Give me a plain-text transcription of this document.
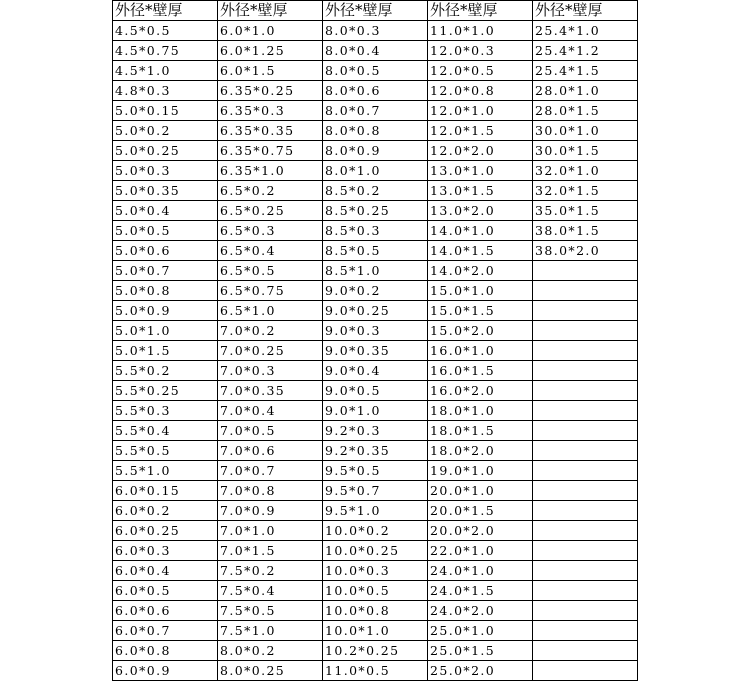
外径*壁厚	外径*壁厚	外径*壁厚	外径*壁厚	外径*壁厚
4.5*0.5	6.0*1.0	8.0*0.3	11.0*1.0	25.4*1.0
4.5*0.75	6.0*1.25	8.0*0.4	12.0*0.3	25.4*1.2
4.5*1.0	6.0*1.5	8.0*0.5	12.0*0.5	25.4*1.5
4.8*0.3	6.35*0.25	8.0*0.6	12.0*0.8	28.0*1.0
5.0*0.15	6.35*0.3	8.0*0.7	12.0*1.0	28.0*1.5
5.0*0.2	6.35*0.35	8.0*0.8	12.0*1.5	30.0*1.0
5.0*0.25	6.35*0.75	8.0*0.9	12.0*2.0	30.0*1.5
5.0*0.3	6.35*1.0	8.0*1.0	13.0*1.0	32.0*1.0
5.0*0.35	6.5*0.2	8.5*0.2	13.0*1.5	32.0*1.5
5.0*0.4	6.5*0.25	8.5*0.25	13.0*2.0	35.0*1.5
5.0*0.5	6.5*0.3	8.5*0.3	14.0*1.0	38.0*1.5
5.0*0.6	6.5*0.4	8.5*0.5	14.0*1.5	38.0*2.0
5.0*0.7	6.5*0.5	8.5*1.0	14.0*2.0	
5.0*0.8	6.5*0.75	9.0*0.2	15.0*1.0	
5.0*0.9	6.5*1.0	9.0*0.25	15.0*1.5	
5.0*1.0	7.0*0.2	9.0*0.3	15.0*2.0	
5.0*1.5	7.0*0.25	9.0*0.35	16.0*1.0	
5.5*0.2	7.0*0.3	9.0*0.4	16.0*1.5	
5.5*0.25	7.0*0.35	9.0*0.5	16.0*2.0	
5.5*0.3	7.0*0.4	9.0*1.0	18.0*1.0	
5.5*0.4	7.0*0.5	9.2*0.3	18.0*1.5	
5.5*0.5	7.0*0.6	9.2*0.35	18.0*2.0	
5.5*1.0	7.0*0.7	9.5*0.5	19.0*1.0	
6.0*0.15	7.0*0.8	9.5*0.7	20.0*1.0	
6.0*0.2	7.0*0.9	9.5*1.0	20.0*1.5	
6.0*0.25	7.0*1.0	10.0*0.2	20.0*2.0	
6.0*0.3	7.0*1.5	10.0*0.25	22.0*1.0	
6.0*0.4	7.5*0.2	10.0*0.3	24.0*1.0	
6.0*0.5	7.5*0.4	10.0*0.5	24.0*1.5	
6.0*0.6	7.5*0.5	10.0*0.8	24.0*2.0	
6.0*0.7	7.5*1.0	10.0*1.0	25.0*1.0	
6.0*0.8	8.0*0.2	10.2*0.25	25.0*1.5	
6.0*0.9	8.0*0.25	11.0*0.5	25.0*2.0	
